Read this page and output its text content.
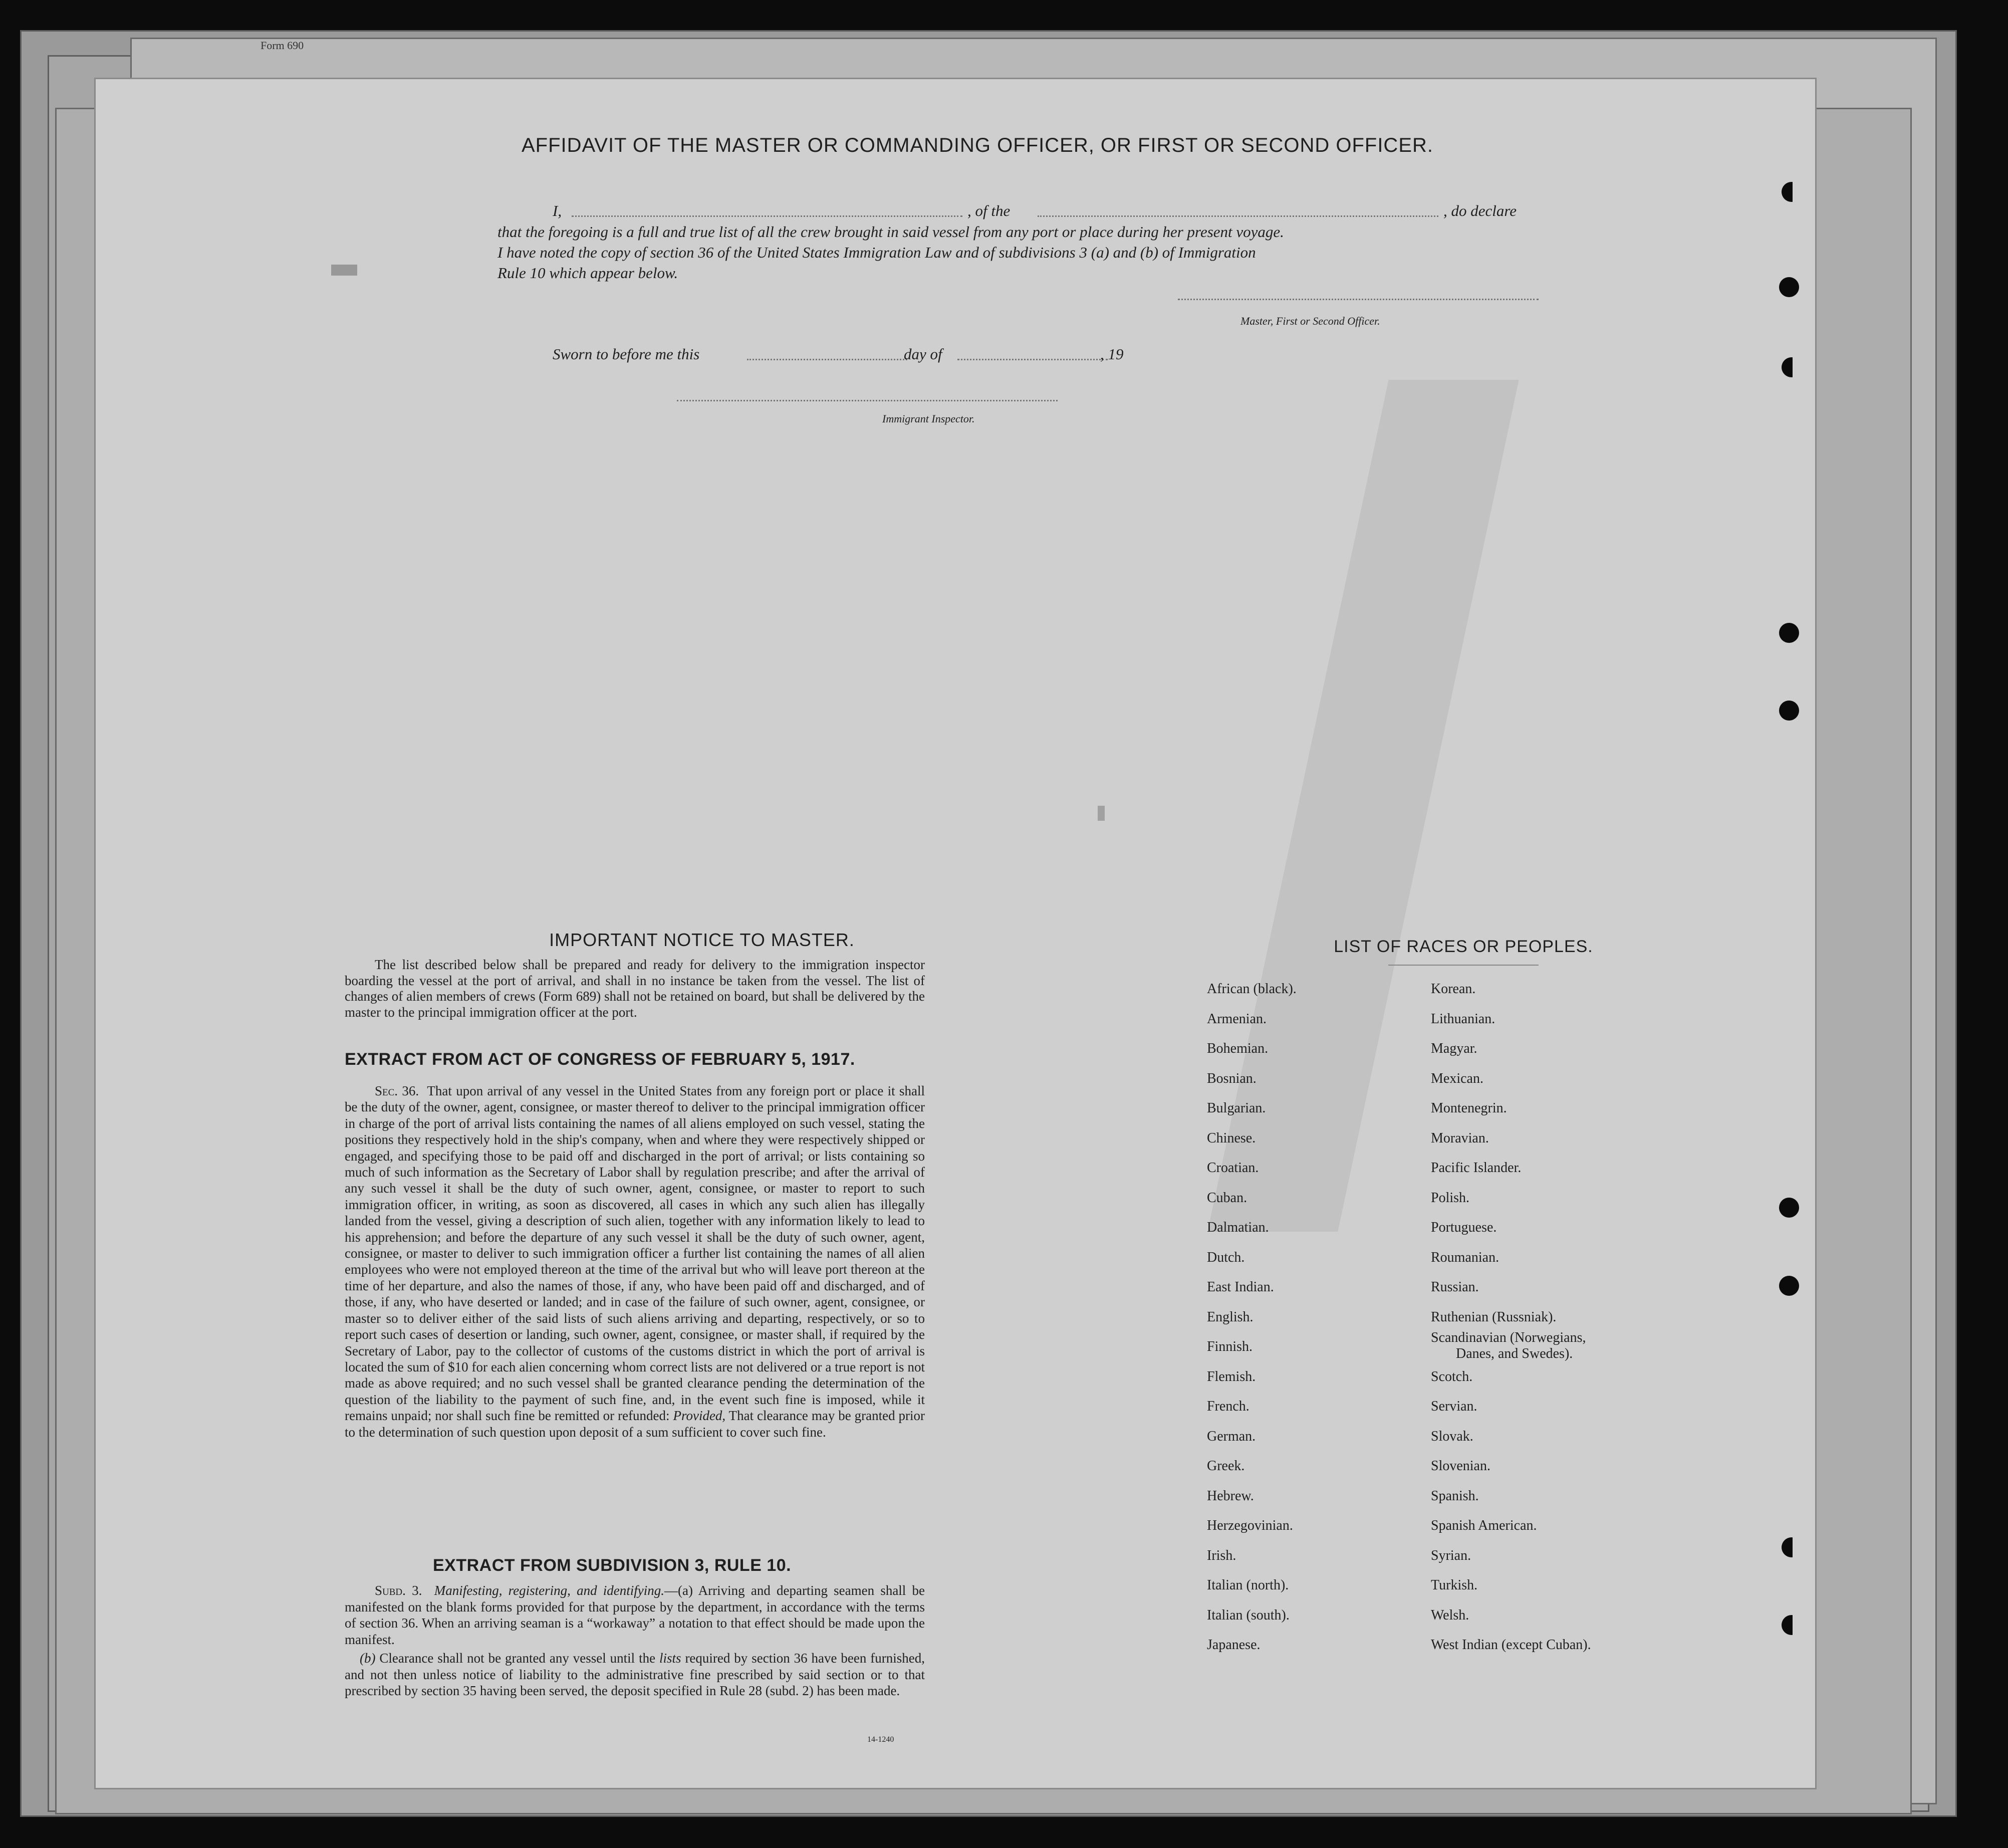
Form 690

AFFIDAVIT OF THE MASTER OR COMMANDING OFFICER, OR FIRST OR SECOND OFFICER.
I,	, of the	, do declare
that the foregoing is a full and true list of all the crew brought in said vessel from any port or place during her present voyage.
I have noted the copy of section 36 of the United States Immigration Law and of subdivisions 3 (a) and (b) of Immigration
Rule 10 which appear below.
Master, First or Second Officer.
Sworn to before me this	day of	, 19
Immigrant Inspector.
IMPORTANT NOTICE TO MASTER.
The list described below shall be prepared and ready for delivery to the immigration inspector boarding the vessel at the port of arrival, and shall in no instance be taken from the vessel. The list of changes of alien members of crews (Form 689) shall not be retained on board, but shall be delivered by the master to the principal immigration officer at the port.
EXTRACT FROM ACT OF CONGRESS OF FEBRUARY 5, 1917.
Sec. 36. That upon arrival of any vessel in the United States from any foreign port or place it shall be the duty of the owner, agent, consignee, or master thereof to deliver to the principal immigration officer in charge of the port of arrival lists containing the names of all aliens employed on such vessel, stating the positions they respectively hold in the ship's company, when and where they were respectively shipped or engaged, and specifying those to be paid off and discharged in the port of arrival; or lists containing so much of such information as the Secretary of Labor shall by regulation prescribe; and after the arrival of any such vessel it shall be the duty of such owner, agent, consignee, or master to report to such immigration officer, in writing, as soon as discovered, all cases in which any such alien has illegally landed from the vessel, giving a description of such alien, together with any information likely to lead to his apprehension; and before the departure of any such vessel it shall be the duty of such owner, agent, consignee, or master to deliver to such immigration officer a further list containing the names of all alien employees who were not employed thereon at the time of the arrival but who will leave port thereon at the time of her departure, and also the names of those, if any, who have been paid off and discharged, and of those, if any, who have deserted or landed; and in case of the failure of such owner, agent, consignee, or master so to deliver either of the said lists of such aliens arriving and departing, respectively, or so to report such cases of desertion or landing, such owner, agent, consignee, or master shall, if required by the Secretary of Labor, pay to the collector of customs of the customs district in which the port of arrival is located the sum of $10 for each alien concerning whom correct lists are not delivered or a true report is not made as above required; and no such vessel shall be granted clearance pending the determination of the question of the liability to the payment of such fine, and, in the event such fine is imposed, while it remains unpaid; nor shall such fine be remitted or refunded: Provided, That clearance may be granted prior to the determination of such question upon deposit of a sum sufficient to cover such fine.
EXTRACT FROM SUBDIVISION 3, RULE 10.
Subd. 3. Manifesting, registering, and identifying.—(a) Arriving and departing seamen shall be manifested on the blank forms provided for that purpose by the department, in accordance with the terms of section 36. When an arriving seaman is a “workaway” a notation to that effect should be made upon the manifest.
(b) Clearance shall not be granted any vessel until the lists required by section 36 have been furnished, and not then unless notice of liability to the administrative fine prescribed by said section or to that prescribed by section 35 having been served, the deposit specified in Rule 28 (subd. 2) has been made.
14-1240
LIST OF RACES OR PEOPLES.
African (black).
Armenian.
Bohemian.
Bosnian.
Bulgarian.
Chinese.
Croatian.
Cuban.
Dalmatian.
Dutch.
East Indian.
English.
Finnish.
Flemish.
French.
German.
Greek.
Hebrew.
Herzegovinian.
Irish.
Italian (north).
Italian (south).
Japanese.
Korean.
Lithuanian.
Magyar.
Mexican.
Montenegrin.
Moravian.
Pacific Islander.
Polish.
Portuguese.
Roumanian.
Russian.
Ruthenian (Russniak).
Scandinavian (Norwegians,
Danes, and Swedes).
Scotch.
Servian.
Slovak.
Slovenian.
Spanish.
Spanish American.
Syrian.
Turkish.
Welsh.
West Indian (except Cuban).
